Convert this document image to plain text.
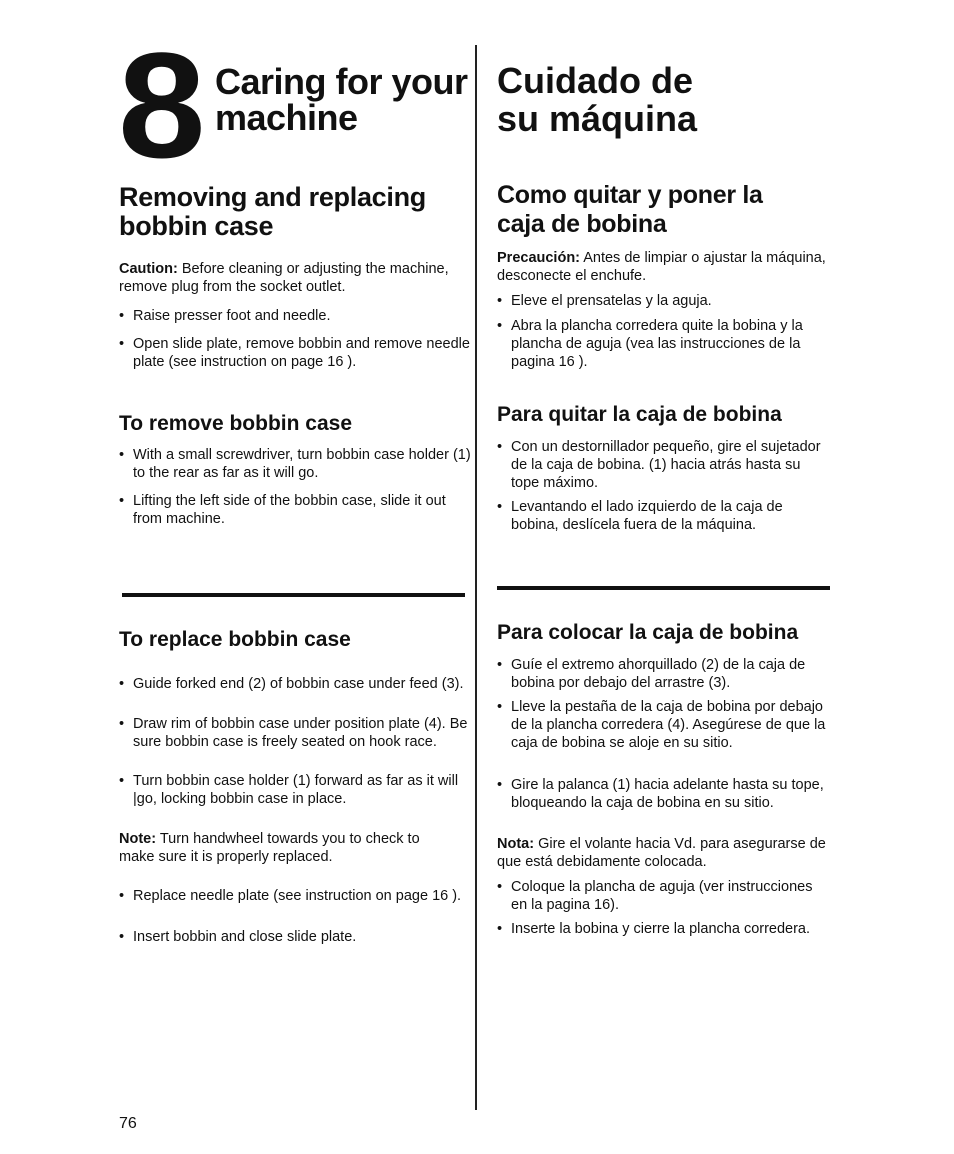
8 Caring for your
machine
Cuidado de
su máquina
Removing and replacing
bobbin case
Caution: Before cleaning or adjusting the machine, remove plug from the socket outlet.
• Raise presser foot and needle.
• Open slide plate, remove bobbin and remove needle plate (see instruction on page 16 ).
To remove bobbin case
• With a small screwdriver, turn bobbin case holder (1) to the rear as far as it will go.
• Lifting the left side of the bobbin case, slide it out from machine.
To replace bobbin case
• Guide forked end (2) of bobbin case under feed (3).
• Draw rim of bobbin case under position plate (4). Be sure bobbin case is freely seated on hook race.
• Turn bobbin case holder (1) forward as far as it will |go, locking bobbin case in place.
Note: Turn handwheel towards you to check to make sure it is properly replaced.
• Replace needle plate (see instruction on page 16 ).
• Insert bobbin and close slide plate.
Como quitar y poner la
caja de bobina
Precaución: Antes de limpiar o ajustar la máquina, desconecte el enchufe.
• Eleve el prensatelas y la aguja.
• Abra la plancha corredera quite la bobina y la plancha de aguja (vea las instrucciones de la pagina 16 ).
Para quitar la caja de bobina
• Con un destornillador pequeño, gire el sujetador de la caja de bobina. (1) hacia atrás hasta su tope máximo.
• Levantando el lado izquierdo de la caja de bobina, deslícela fuera de la máquina.
Para colocar la caja de bobina
• Guíe el extremo ahorquillado (2) de la caja de bobina por debajo del arrastre (3).
• Lleve la pestaña de la caja de bobina por debajo de la plancha corredera (4). Asegúrese de que la caja de bobina se aloje en su sitio.
• Gire la palanca (1) hacia adelante hasta su tope, bloqueando la caja de bobina en su sitio.
Nota: Gire el volante hacia Vd. para asegurarse de que está debidamente colocada.
• Coloque la plancha de aguja (ver instrucciones en la pagina 16).
• Inserte la bobina y cierre la plancha corredera.
76
